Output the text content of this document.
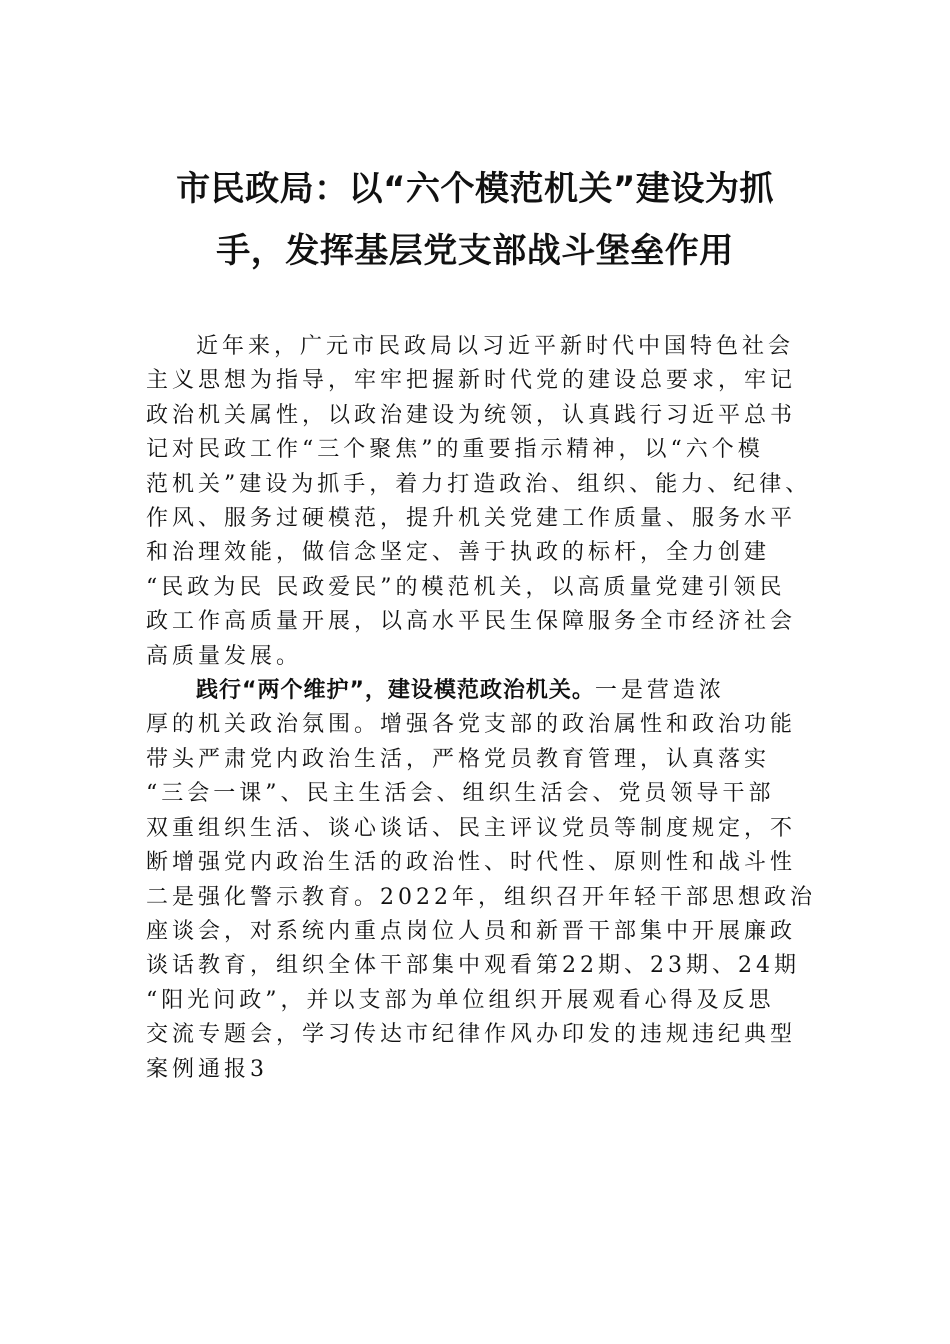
市民政局：以“六个模范机关”建设为抓
手，发挥基层党支部战斗堡垒作用

近年来，广元市民政局以习近平新时代中国特色社会
主义思想为指导，牢牢把握新时代党的建设总要求，牢记
政治机关属性，以政治建设为统领，认真践行习近平总书
记对民政工作“三个聚焦”的重要指示精神，以“六个模
范机关”建设为抓手，着力打造政治、组织、能力、纪律、
作风、服务过硬模范，提升机关党建工作质量、服务水平
和治理效能，做信念坚定、善于执政的标杆，全力创建
“民政为民 民政爱民”的模范机关，以高质量党建引领民
政工作高质量开展，以高水平民生保障服务全市经济社会
高质量发展。

践行“两个维护”，建设模范政治机关。一是营造浓
厚的机关政治氛围。增强各党支部的政治属性和政治功能
带头严肃党内政治生活，严格党员教育管理，认真落实
“三会一课”、民主生活会、组织生活会、党员领导干部
双重组织生活、谈心谈话、民主评议党员等制度规定，不
断增强党内政治生活的政治性、时代性、原则性和战斗性
二是强化警示教育。2022年，组织召开年轻干部思想政治
座谈会，对系统内重点岗位人员和新晋干部集中开展廉政
谈话教育，组织全体干部集中观看第22期、23期、24期
“阳光问政”，并以支部为单位组织开展观看心得及反思
交流专题会，学习传达市纪律作风办印发的违规违纪典型
案例通报3
